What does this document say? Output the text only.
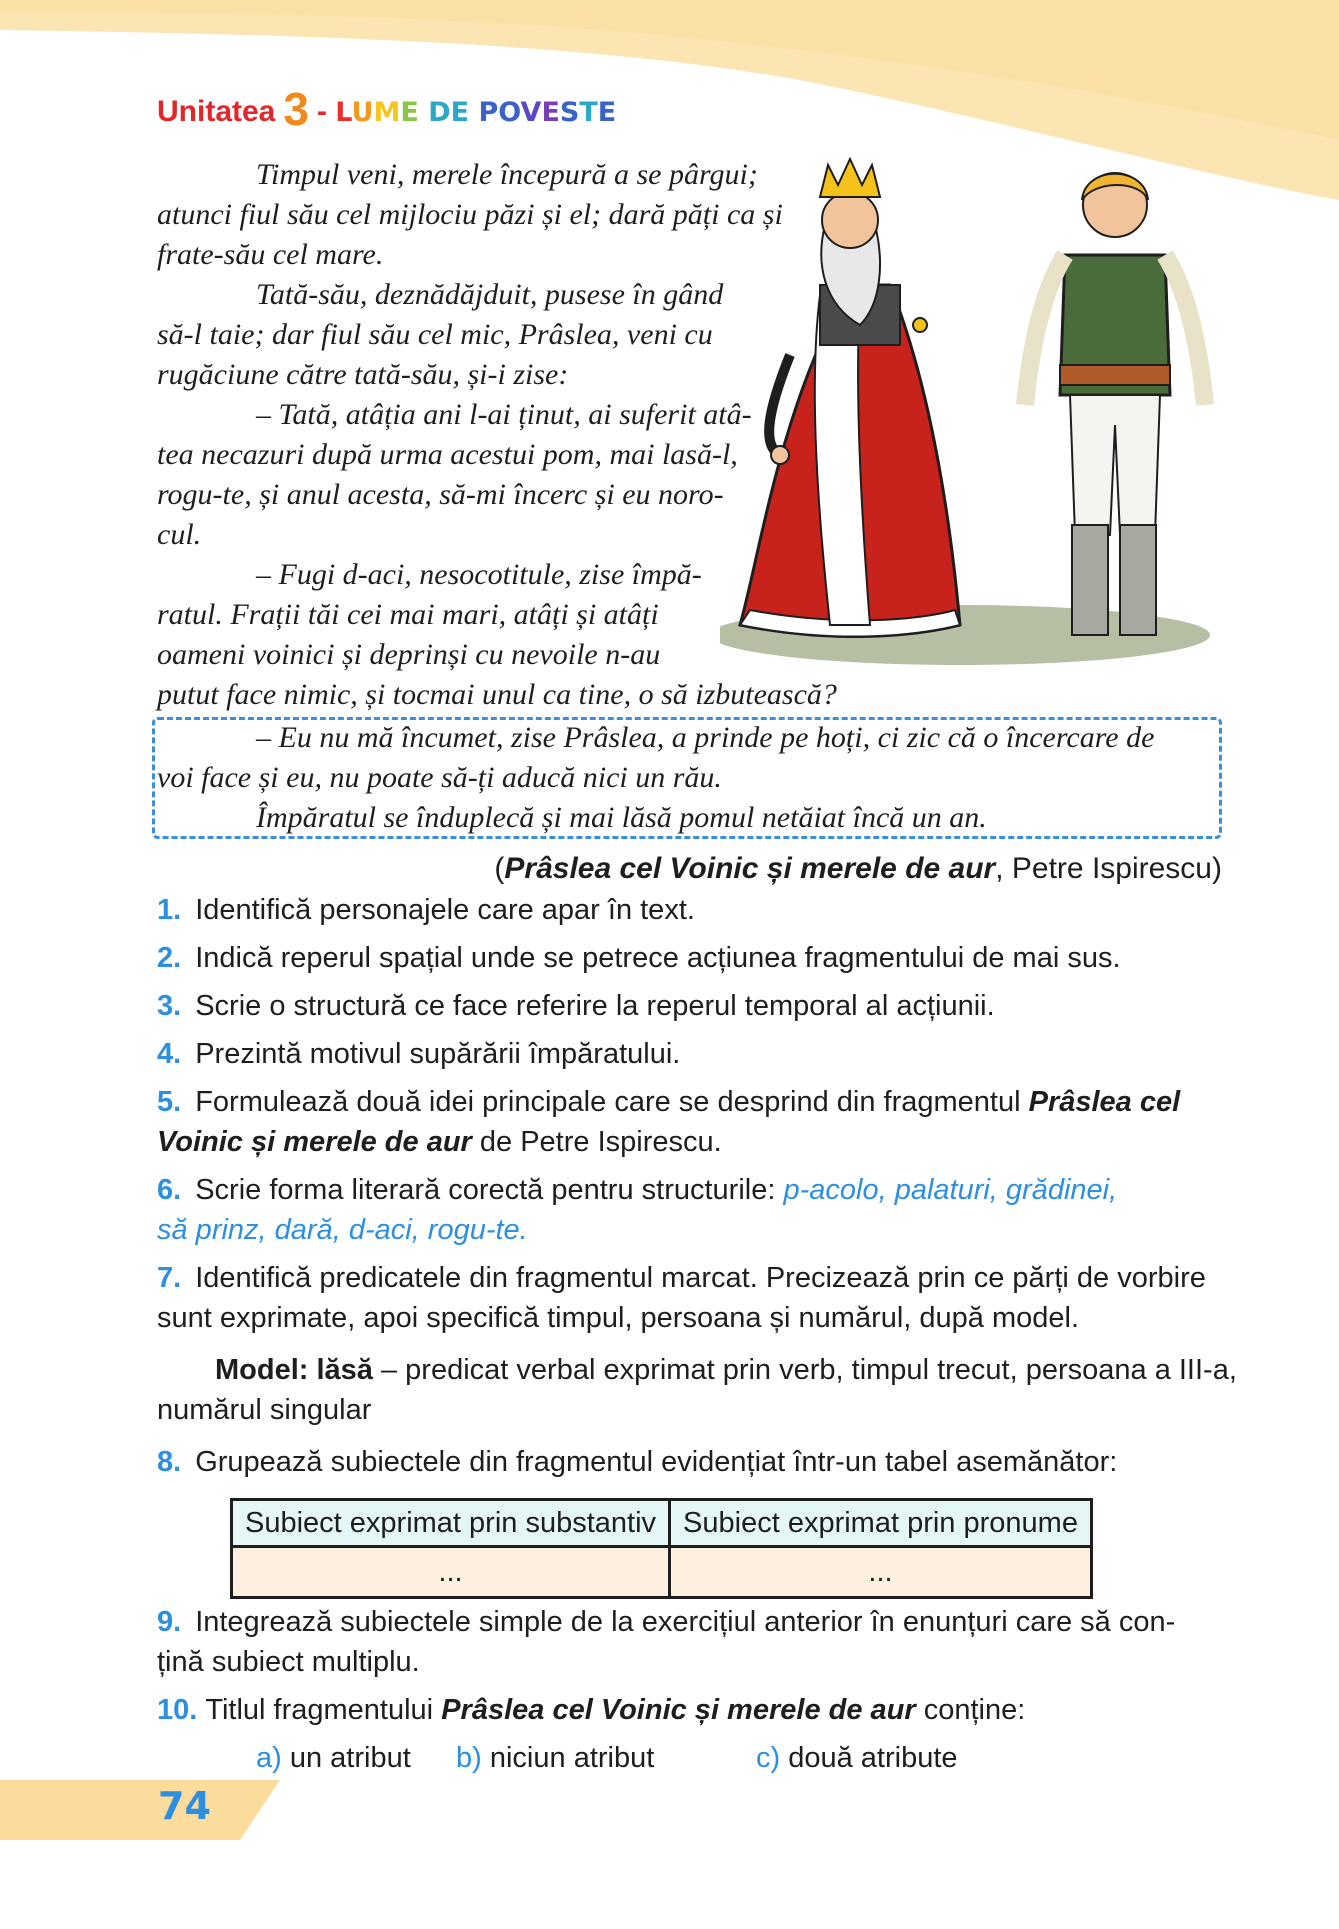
Unitatea 3 - LUME DE POVESTE
Timpul veni, merele începură a se pârgui;
atunci fiul său cel mijlociu păzi și el; dară păți ca și
frate-său cel mare.
Tată-său, deznădăjduit, pusese în gând
să-l taie; dar fiul său cel mic, Prâslea, veni cu
rugăciune către tată-său, și-i zise:
– Tată, atâția ani l-ai ținut, ai suferit atâ-
tea necazuri după urma acestui pom, mai lasă-l,
rogu-te, și anul acesta, să-mi încerc și eu noro-
cul.
– Fugi d-aci, nesocotitule, zise împă-
ratul. Frații tăi cei mai mari, atâți și atâți
oameni voinici și deprinși cu nevoile n-au
putut face nimic, și tocmai unul ca tine, o să izbutească?
– Eu nu mă încumet, zise Prâslea, a prinde pe hoți, ci zic că o încercare de
voi face și eu, nu poate să-ți aducă nici un rău.
Împăratul se înduplecă și mai lăsă pomul netăiat încă un an.
(Prâslea cel Voinic și merele de aur, Petre Ispirescu)
1. Identifică personajele care apar în text.
2. Indică reperul spațial unde se petrece acțiunea fragmentului de mai sus.
3. Scrie o structură ce face referire la reperul temporal al acțiunii.
4. Prezintă motivul supărării împăratului.
5. Formulează două idei principale care se desprind din fragmentul Prâslea cel
Voinic și merele de aur de Petre Ispirescu.
6. Scrie forma literară corectă pentru structurile: p-acolo, palaturi, grădinei,
să prinz, dară, d-aci, rogu-te.
7. Identifică predicatele din fragmentul marcat. Precizează prin ce părți de vorbire
sunt exprimate, apoi specifică timpul, persoana și numărul, după model.
Model: lăsă – predicat verbal exprimat prin verb, timpul trecut, persoana a III-a,
numărul singular
8. Grupează subiectele din fragmentul evidențiat într-un tabel asemănător:
Subiect exprimat prin substantiv	Subiect exprimat prin pronume
...	...
9. Integrează subiectele simple de la exercițiul anterior în enunțuri care să con-
țină subiect multiplu.
10. Titlul fragmentului Prâslea cel Voinic și merele de aur conține:
a) un atribut b) niciun atribut	c) două atribute
74
